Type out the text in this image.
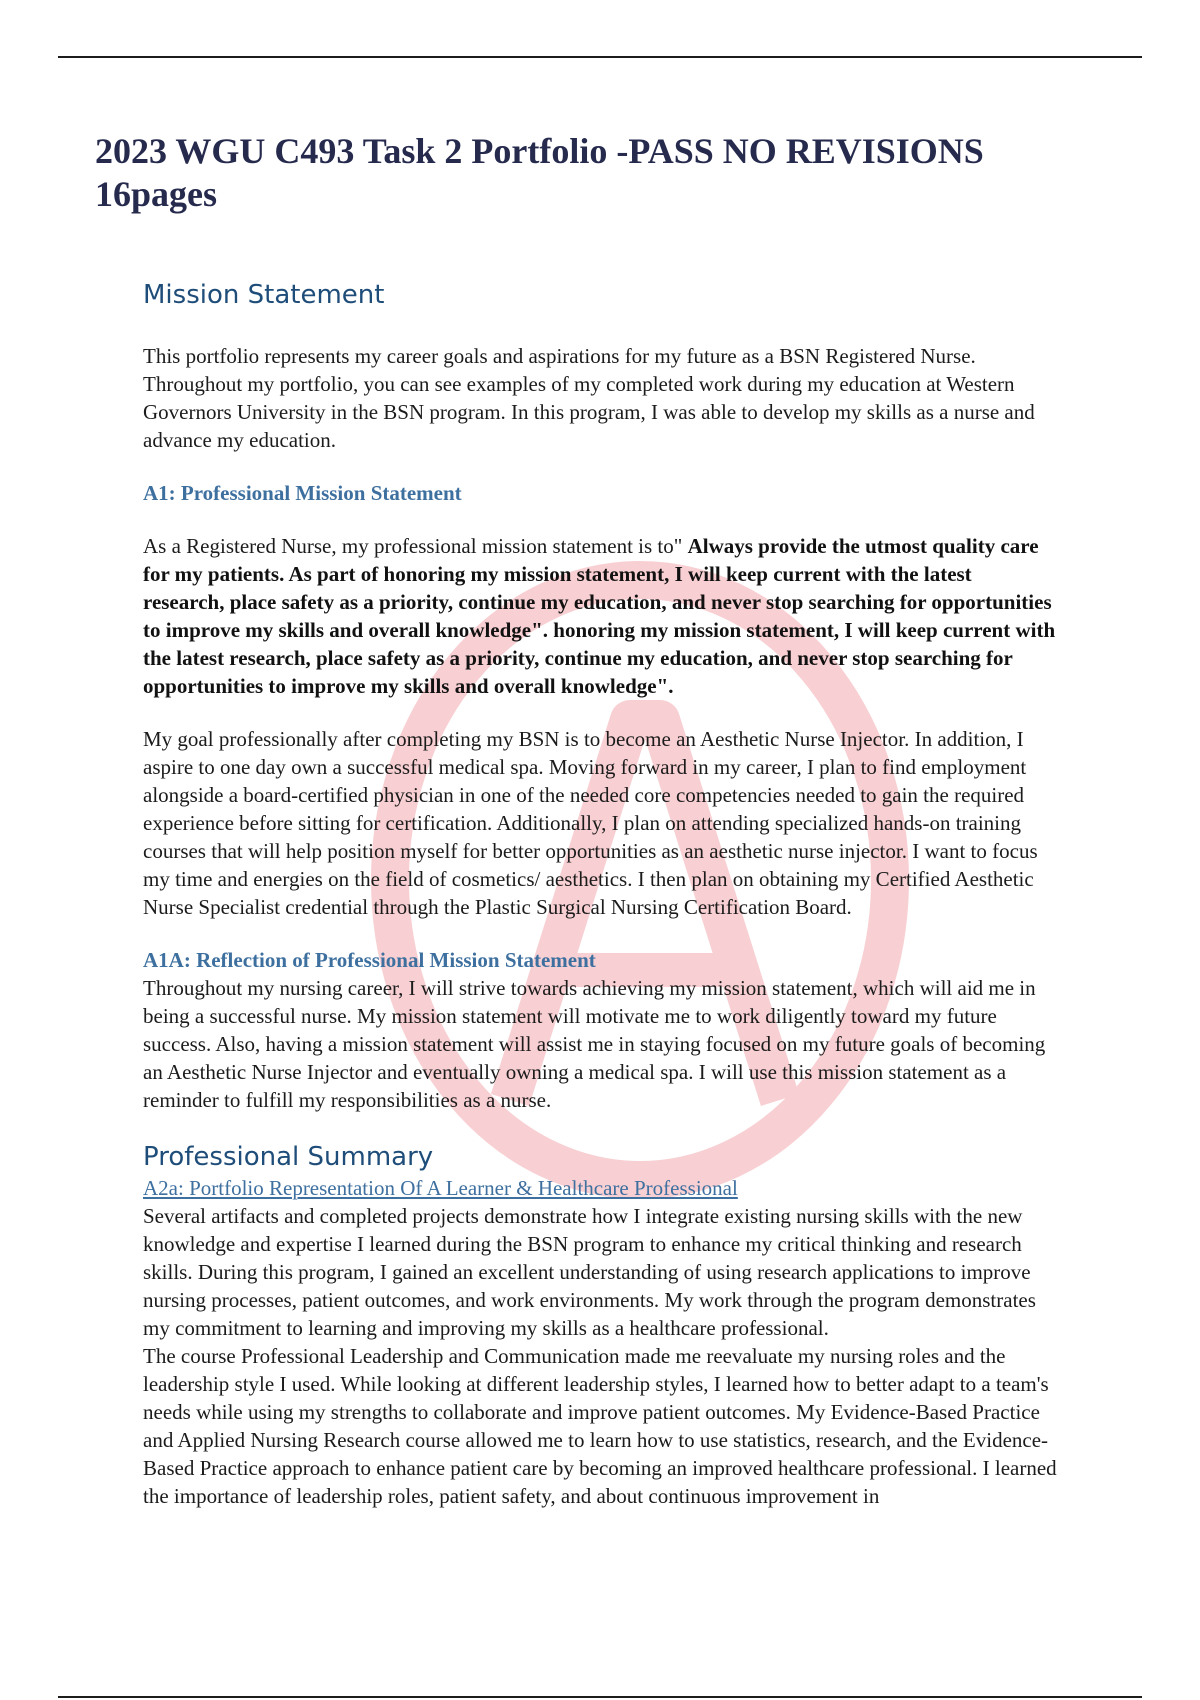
2023 WGU C493 Task 2 Portfolio -PASS NO REVISIONS 16pages
Mission Statement

This portfolio represents my career goals and aspirations for my future as a BSN Registered Nurse. Throughout my portfolio, you can see examples of my completed work during my education at Western Governors University in the BSN program. In this program, I was able to develop my skills as a nurse and advance my education.

A1: Professional Mission Statement

As a Registered Nurse, my professional mission statement is to" Always provide the utmost quality care for my patients. As part of honoring my mission statement, I will keep current with the latest research, place safety as a priority, continue my education, and never stop searching for opportunities to improve my skills and overall knowledge". honoring my mission statement, I will keep current with the latest research, place safety as a priority, continue my education, and never stop searching for opportunities to improve my skills and overall knowledge".

My goal professionally after completing my BSN is to become an Aesthetic Nurse Injector. In addition, I aspire to one day own a successful medical spa. Moving forward in my career, I plan to find employment alongside a board-certified physician in one of the needed core competencies needed to gain the required experience before sitting for certification. Additionally, I plan on attending specialized hands-on training courses that will help position myself for better opportunities as an aesthetic nurse injector. I want to focus my time and energies on the field of cosmetics/ aesthetics. I then plan on obtaining my Certified Aesthetic Nurse Specialist credential through the Plastic Surgical Nursing Certification Board.

A1A: Reflection of Professional Mission Statement

Throughout my nursing career, I will strive towards achieving my mission statement, which will aid me in being a successful nurse. My mission statement will motivate me to work diligently toward my future success. Also, having a mission statement will assist me in staying focused on my future goals of becoming an Aesthetic Nurse Injector and eventually owning a medical spa. I will use this mission statement as a reminder to fulfill my responsibilities as a nurse.

Professional Summary
A2a: Portfolio Representation Of A Learner & Healthcare Professional

Several artifacts and completed projects demonstrate how I integrate existing nursing skills with the new knowledge and expertise I learned during the BSN program to enhance my critical thinking and research skills. During this program, I gained an excellent understanding of using research applications to improve nursing processes, patient outcomes, and work environments. My work through the program demonstrates my commitment to learning and improving my skills as a healthcare professional.

The course Professional Leadership and Communication made me reevaluate my nursing roles and the leadership style I used. While looking at different leadership styles, I learned how to better adapt to a team's needs while using my strengths to collaborate and improve patient outcomes. My Evidence-Based Practice and Applied Nursing Research course allowed me to learn how to use statistics, research, and the Evidence-Based Practice approach to enhance patient care by becoming an improved healthcare professional. I learned the importance of leadership roles, patient safety, and about continuous improvement in
